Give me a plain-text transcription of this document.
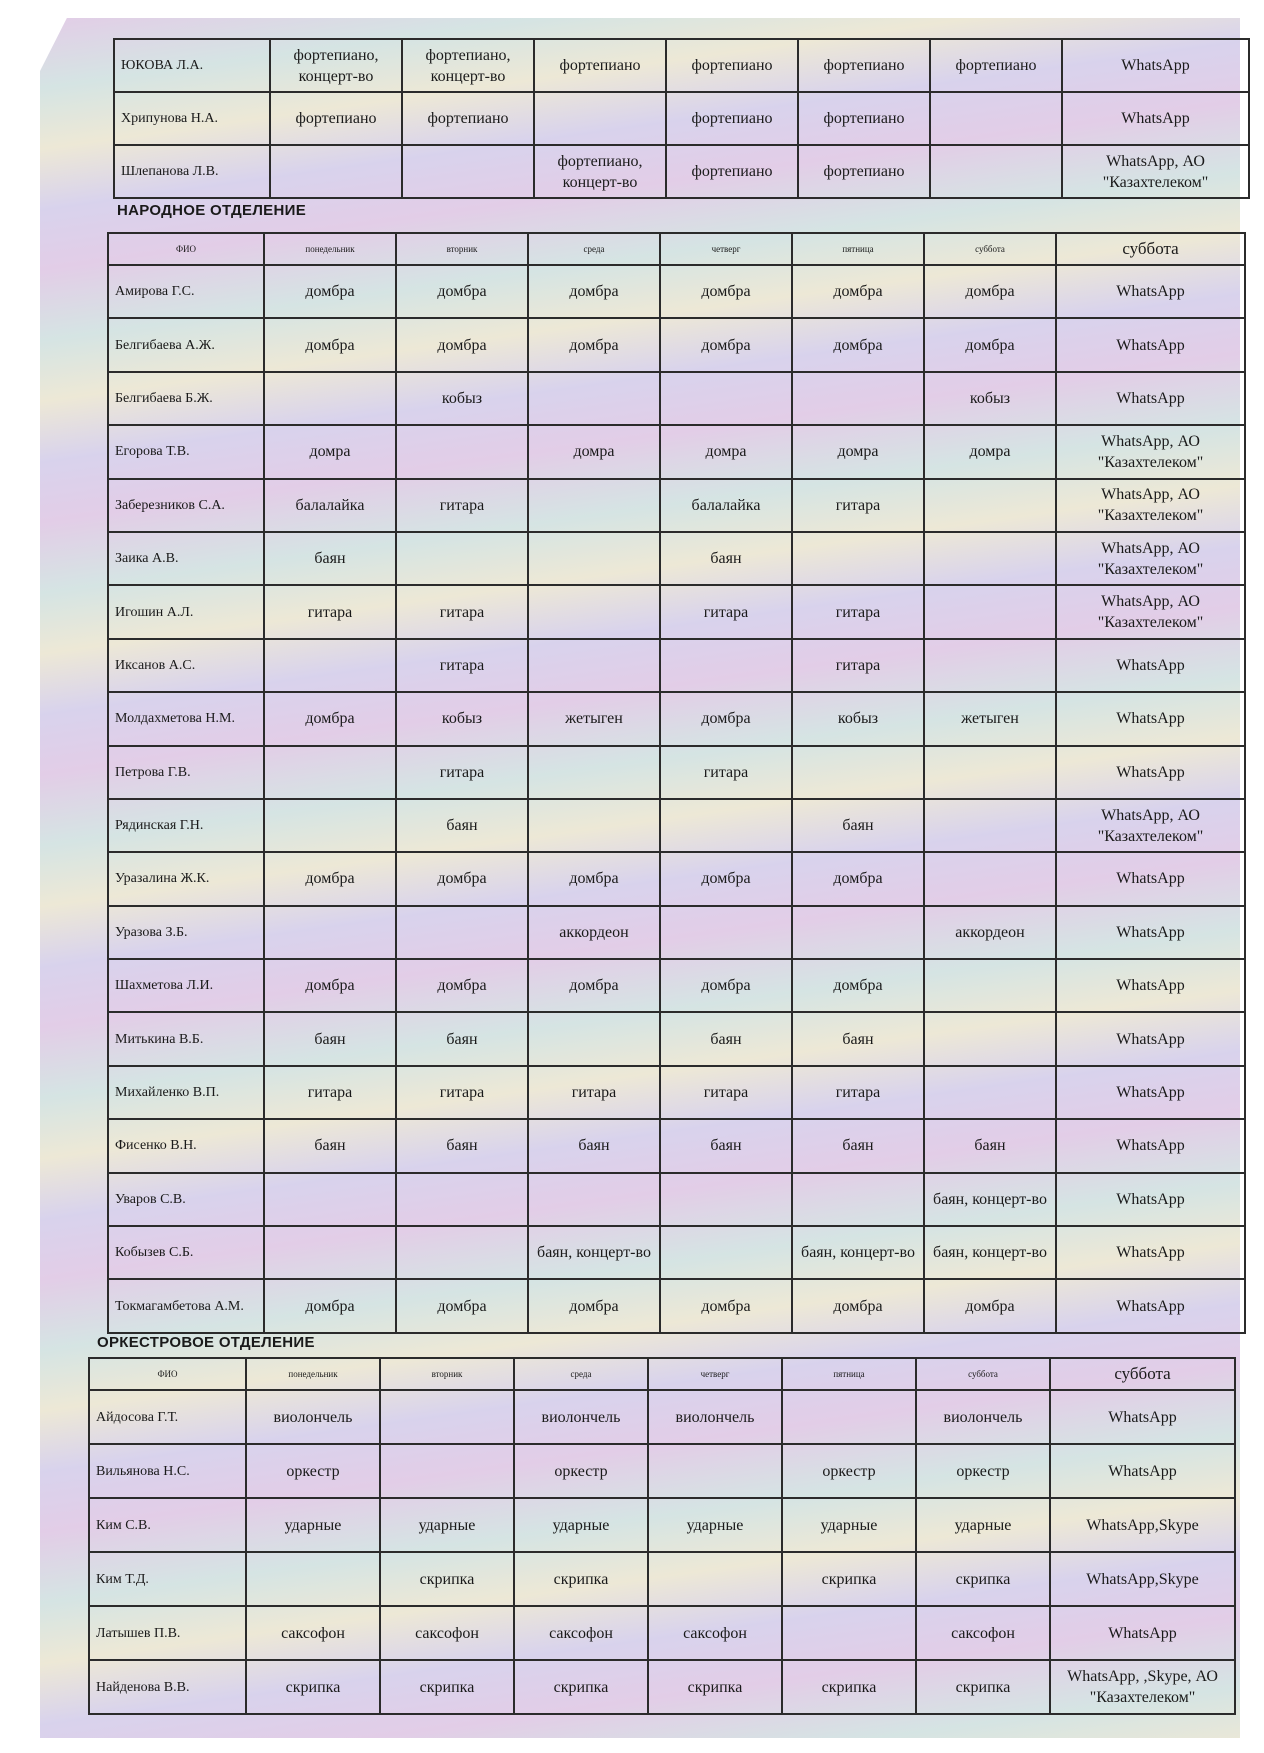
ЮКОВА Л.А.	фортепиано, концерт-во	фортепиано, концерт-во	фортепиано	фортепиано	фортепиано	фортепиано	WhatsApp
Хрипунова Н.А.	фортепиано	фортепиано		фортепиано	фортепиано		WhatsApp
Шлепанова Л.В.			фортепиано, концерт-во	фортепиано	фортепиано		WhatsApp, АО "Казахтелеком"
НАРОДНОЕ ОТДЕЛЕНИЕ
ФИО	понедельник	вторник	среда	четверг	пятница	суббота	суббота
Амирова Г.С.	домбра	домбра	домбра	домбра	домбра	домбра	WhatsApp
Белгибаева А.Ж.	домбра	домбра	домбра	домбра	домбра	домбра	WhatsApp
Белгибаева Б.Ж.		кобыз				кобыз	WhatsApp
Егорова Т.В.	домра		домра	домра	домра	домра	WhatsApp, АО "Казахтелеком"
Заберезников С.А.	балалайка	гитара		балалайка	гитара		WhatsApp, АО "Казахтелеком"
Заика А.В.	баян			баян			WhatsApp, АО "Казахтелеком"
Игошин А.Л.	гитара	гитара		гитара	гитара		WhatsApp, АО "Казахтелеком"
Иксанов А.С.		гитара			гитара		WhatsApp
Молдахметова Н.М.	домбра	кобыз	жетыген	домбра	кобыз	жетыген	WhatsApp
Петрова Г.В.		гитара		гитара			WhatsApp
Рядинская Г.Н.		баян			баян		WhatsApp, АО "Казахтелеком"
Уразалина Ж.К.	домбра	домбра	домбра	домбра	домбра		WhatsApp
Уразова З.Б.			аккордеон			аккордеон	WhatsApp
Шахметова Л.И.	домбра	домбра	домбра	домбра	домбра		WhatsApp
Митькина В.Б.	баян	баян		баян	баян		WhatsApp
Михайленко В.П.	гитара	гитара	гитара	гитара	гитара		WhatsApp
Фисенко В.Н.	баян	баян	баян	баян	баян	баян	WhatsApp
Уваров С.В.						баян, концерт-во	WhatsApp
Кобызев С.Б.			баян, концерт-во		баян, концерт-во	баян, концерт-во	WhatsApp
Токмагамбетова А.М.	домбра	домбра	домбра	домбра	домбра	домбра	WhatsApp
ОРКЕСТРОВОЕ ОТДЕЛЕНИЕ
ФИО	понедельник	вторник	среда	четверг	пятница	суббота	суббота
Айдосова Г.Т.	виолончель		виолончель	виолончель		виолончель	WhatsApp
Вильянова Н.С.	оркестр		оркестр		оркестр	оркестр	WhatsApp
Ким С.В.	ударные	ударные	ударные	ударные	ударные	ударные	WhatsApp,Skype
Ким Т.Д.		скрипка	скрипка		скрипка	скрипка	WhatsApp,Skype
Латышев П.В.	саксофон	саксофон	саксофон	саксофон		саксофон	WhatsApp
Найденова В.В.	скрипка	скрипка	скрипка	скрипка	скрипка	скрипка	WhatsApp, ,Skype, АО "Казахтелеком"
